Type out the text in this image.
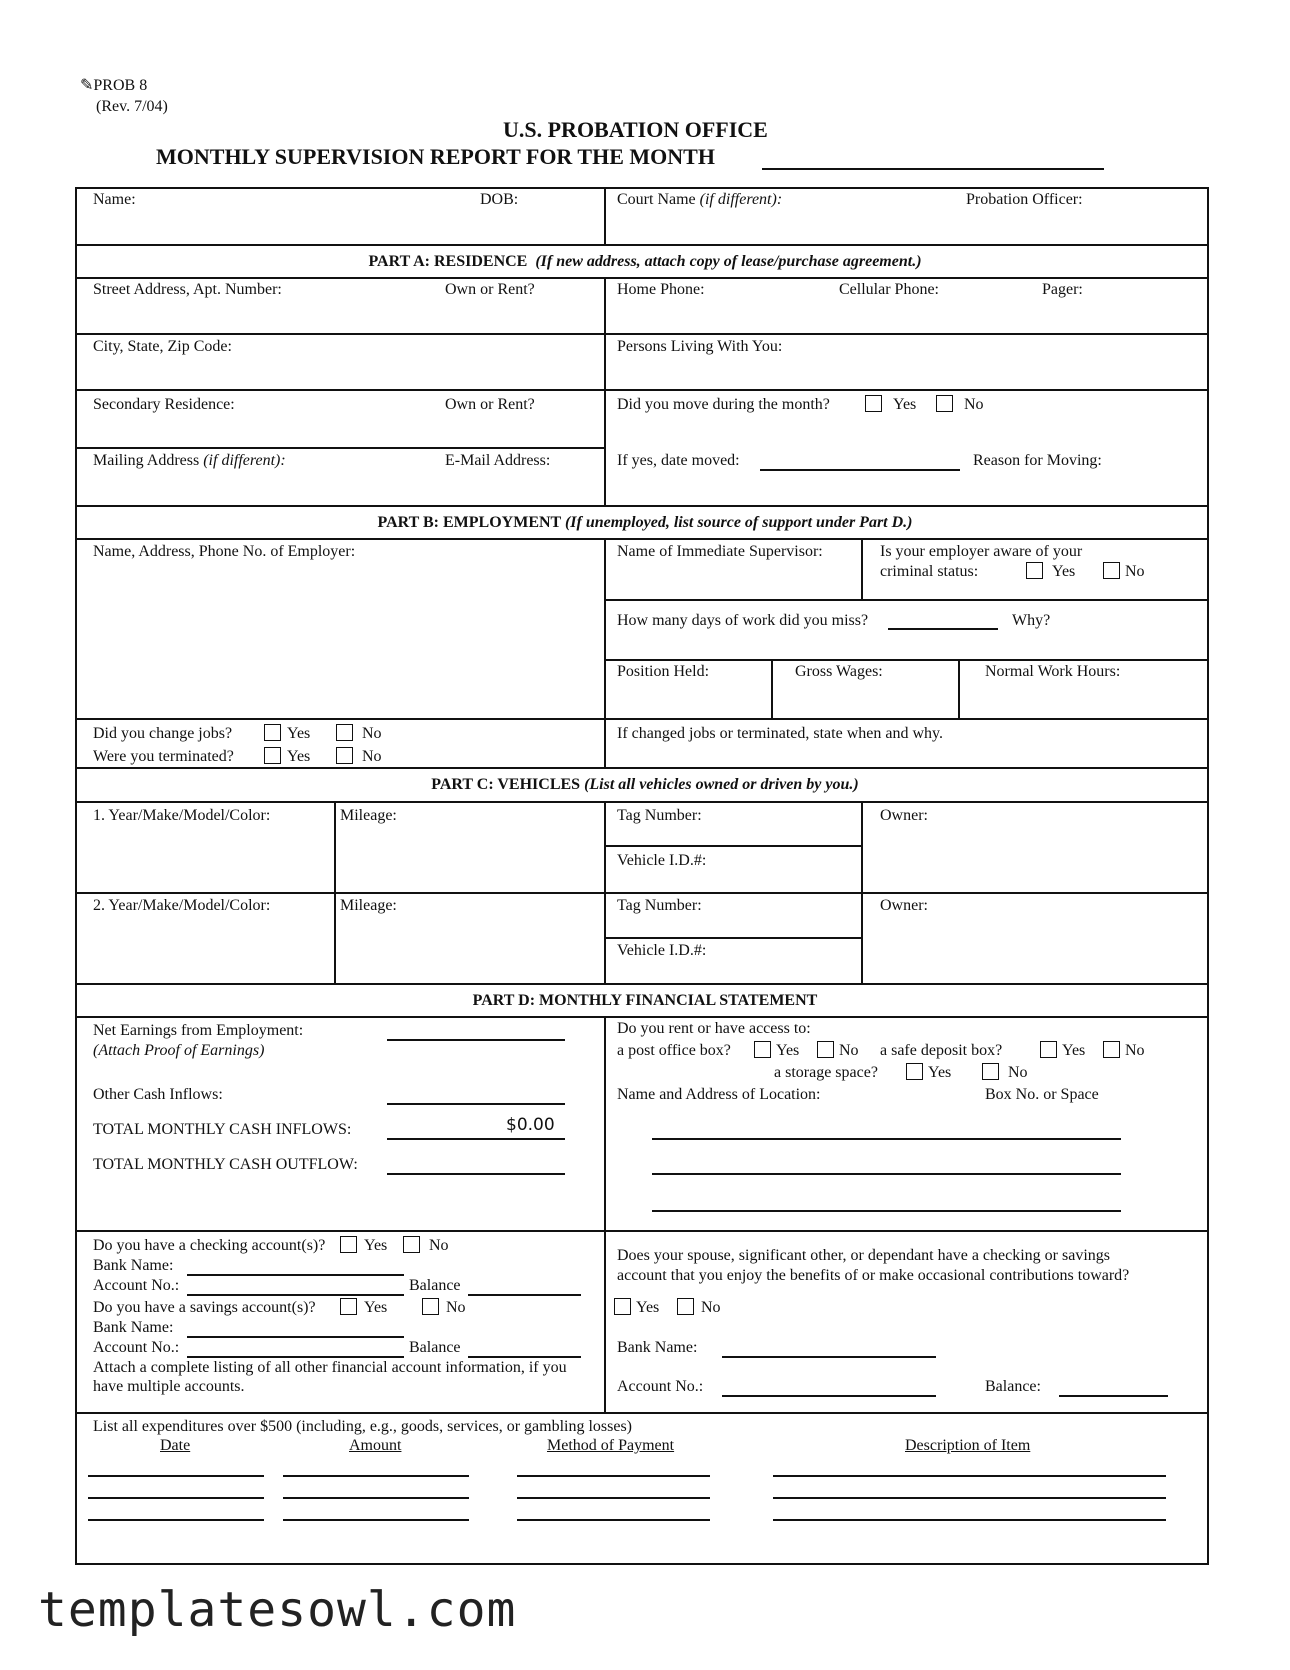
✎PROB 8
(Rev. 7/04)
U.S. PROBATION OFFICE
MONTHLY SUPERVISION REPORT FOR THE MONTH
Name:	DOB:	Court Name (if different):	Probation Officer:
PART A: RESIDENCE (If new address, attach copy of lease/purchase agreement.)
Street Address, Apt. Number:	Own or Rent?	Home Phone:	Cellular Phone:	Pager:
City, State, Zip Code:	Persons Living With You:
Secondary Residence:	Own or Rent?	Did you move during the month?	Yes	No
Mailing Address (if different):	E-Mail Address:	If yes, date moved:	Reason for Moving:
PART B: EMPLOYMENT (If unemployed, list source of support under Part D.)
Name, Address, Phone No. of Employer:	Name of Immediate Supervisor:	Is your employer aware of your
criminal status:	Yes	No
How many days of work did you miss?	Why?
Position Held:	Gross Wages:	Normal Work Hours:
Did you change jobs?	Yes	No
Were you terminated?	Yes	No
If changed jobs or terminated, state when and why.
PART C: VEHICLES (List all vehicles owned or driven by you.)
1. Year/Make/Model/Color:	Mileage:	Tag Number:	Owner:
Vehicle I.D.#:
2. Year/Make/Model/Color:	Mileage:	Tag Number:	Owner:
Vehicle I.D.#:
PART D: MONTHLY FINANCIAL STATEMENT
Net Earnings from Employment:
(Attach Proof of Earnings)
Other Cash Inflows:
TOTAL MONTHLY CASH INFLOWS:	$0.00
TOTAL MONTHLY CASH OUTFLOW:
Do you rent or have access to:
a post office box?	Yes No a safe deposit box?	Yes No
a storage space?	Yes	No
Name and Address of Location:	Box No. or Space
Do you have a checking account(s)? Yes	No
Bank Name:
Account No.:	Balance
Do you have a savings account(s)?	Yes	No
Bank Name:
Account No.:	Balance
Attach a complete listing of all other financial account information, if you
have multiple accounts.
Does your spouse, significant other, or dependant have a checking or savings
account that you enjoy the benefits of or make occasional contributions toward?
Yes	No
Bank Name:
Account No.:	Balance:
List all expenditures over $500 (including, e.g., goods, services, or gambling losses)
Date	Amount	Method of Payment	Description of Item
templatesowl.com
